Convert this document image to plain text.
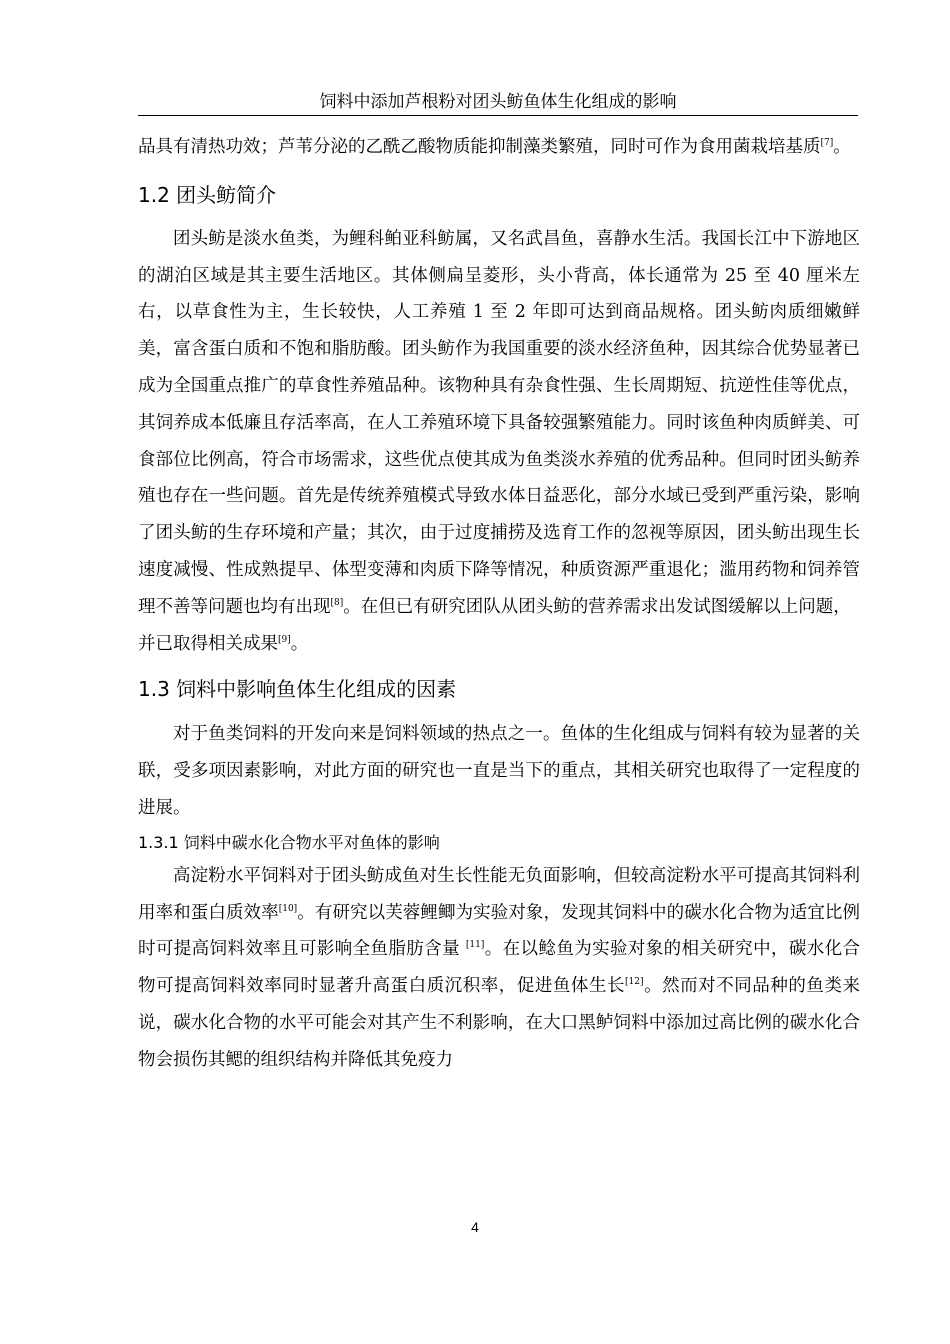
饲料中添加芦根粉对团头鲂鱼体生化组成的影响

品具有清热功效；芦苇分泌的乙酰乙酸物质能抑制藻类繁殖，同时可作为食用菌栽培基质[7]。

1.2 团头鲂简介

团头鲂是淡水鱼类，为鲤科鲌亚科鲂属，又名武昌鱼，喜静水生活。我国长江中下游地区的湖泊区域是其主要生活地区。其体侧扁呈菱形，头小背高，体长通常为 25 至 40 厘米左右，以草食性为主，生长较快，人工养殖 1 至 2 年即可达到商品规格。团头鲂肉质细嫩鲜美，富含蛋白质和不饱和脂肪酸。团头鲂作为我国重要的淡水经济鱼种，因其综合优势显著已成为全国重点推广的草食性养殖品种。该物种具有杂食性强、生长周期短、抗逆性佳等优点，其饲养成本低廉且存活率高，在人工养殖环境下具备较强繁殖能力。同时该鱼种肉质鲜美、可食部位比例高，符合市场需求，这些优点使其成为鱼类淡水养殖的优秀品种。但同时团头鲂养殖也存在一些问题。首先是传统养殖模式导致水体日益恶化，部分水域已受到严重污染，影响了团头鲂的生存环境和产量；其次，由于过度捕捞及选育工作的忽视等原因，团头鲂出现生长速度减慢、性成熟提早、体型变薄和肉质下降等情况，种质资源严重退化；滥用药物和饲养管理不善等问题也均有出现[8]。在但已有研究团队从团头鲂的营养需求出发试图缓解以上问题，
并已取得相关成果[9]。

1.3 饲料中影响鱼体生化组成的因素

对于鱼类饲料的开发向来是饲料领域的热点之一。鱼体的生化组成与饲料有较为显著的关联，受多项因素影响，对此方面的研究也一直是当下的重点，其相关研究也取得了一定程度的进展。

1.3.1 饲料中碳水化合物水平对鱼体的影响

高淀粉水平饲料对于团头鲂成鱼对生长性能无负面影响，但较高淀粉水平可提高其饲料利用率和蛋白质效率[10]。有研究以芙蓉鲤鲫为实验对象，发现其饲料中的碳水化合物为适宜比例时可提高饲料效率且可影响全鱼脂肪含量 [11]。在以鲶鱼为实验对象的相关研究中，碳水化合物可提高饲料效率同时显著升高蛋白质沉积率，促进鱼体生长[12]。然而对不同品种的鱼类来说，碳水化合物的水平可能会对其产生不利影响，在大口黑鲈饲料中添加过高比例的碳水化合物会损伤其鳃的组织结构并降低其免疫力

4
